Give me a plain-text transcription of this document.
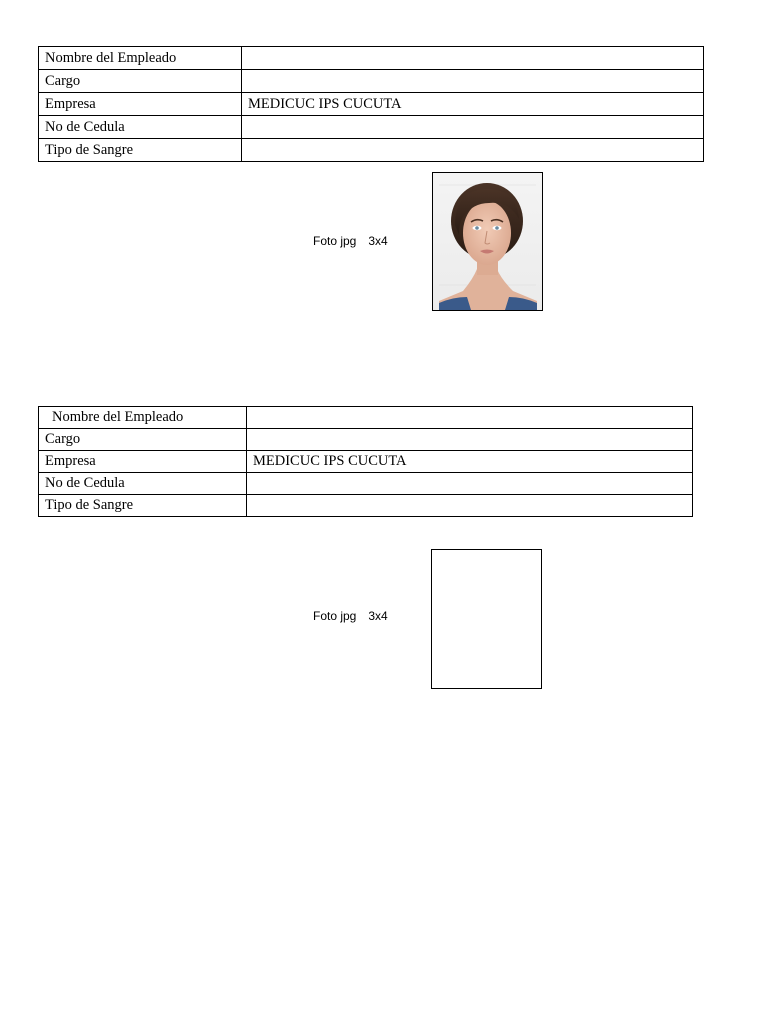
Nombre del Empleado	
Cargo	
Empresa	MEDICUC IPS CUCUTA
No de Cedula	
Tipo de Sangre	
Foto jpg 3x4
Nombre del Empleado	
Cargo	
Empresa	MEDICUC IPS CUCUTA
No de Cedula	
Tipo de Sangre	
Foto jpg 3x4
